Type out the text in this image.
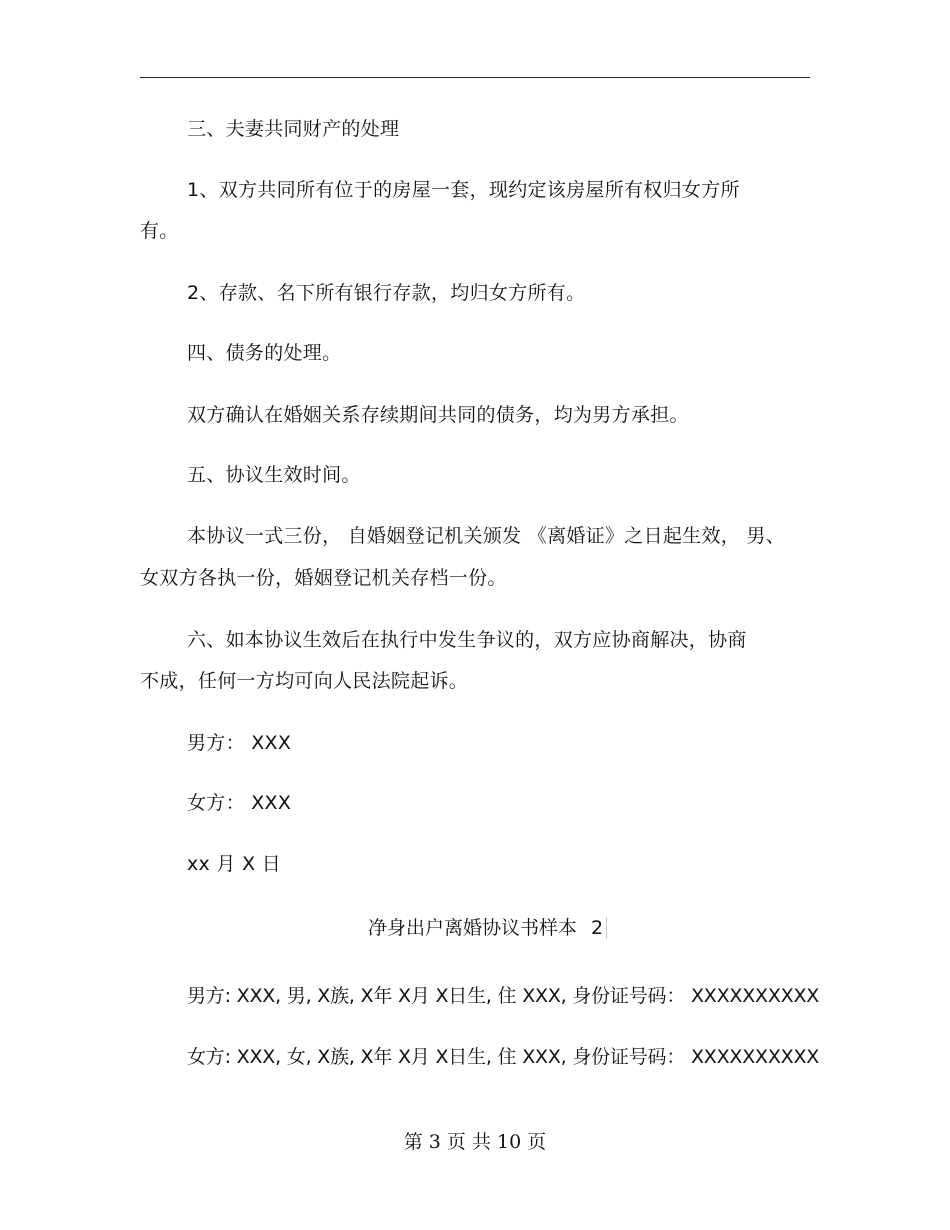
三、夫妻共同财产的处理
1、双方共同所有位于的房屋一套，现约定该房屋所有权归女方所
有。
2、存款、名下所有银行存款，均归女方所有。
四、债务的处理。
双方确认在婚姻关系存续期间共同的债务，均为男方承担。
五、协议生效时间。
本协议一式三份， 自婚姻登记机关颁发 《离婚证》之日起生效， 男、
女双方各执一份，婚姻登记机关存档一份。
六、如本协议生效后在执行中发生争议的，双方应协商解决，协商
不成，任何一方均可向人民法院起诉。
男方： XXX
女方： XXX
xx 月 X 日
净身出户离婚协议书样本 2
男方: XXX, 男, X族, X年 X月 X日生, 住 XXX, 身份证号码： XXXXXXXXXX
女方: XXX, 女, X族, X年 X月 X日生, 住 XXX, 身份证号码： XXXXXXXXXX
第 3 页 共 10 页
